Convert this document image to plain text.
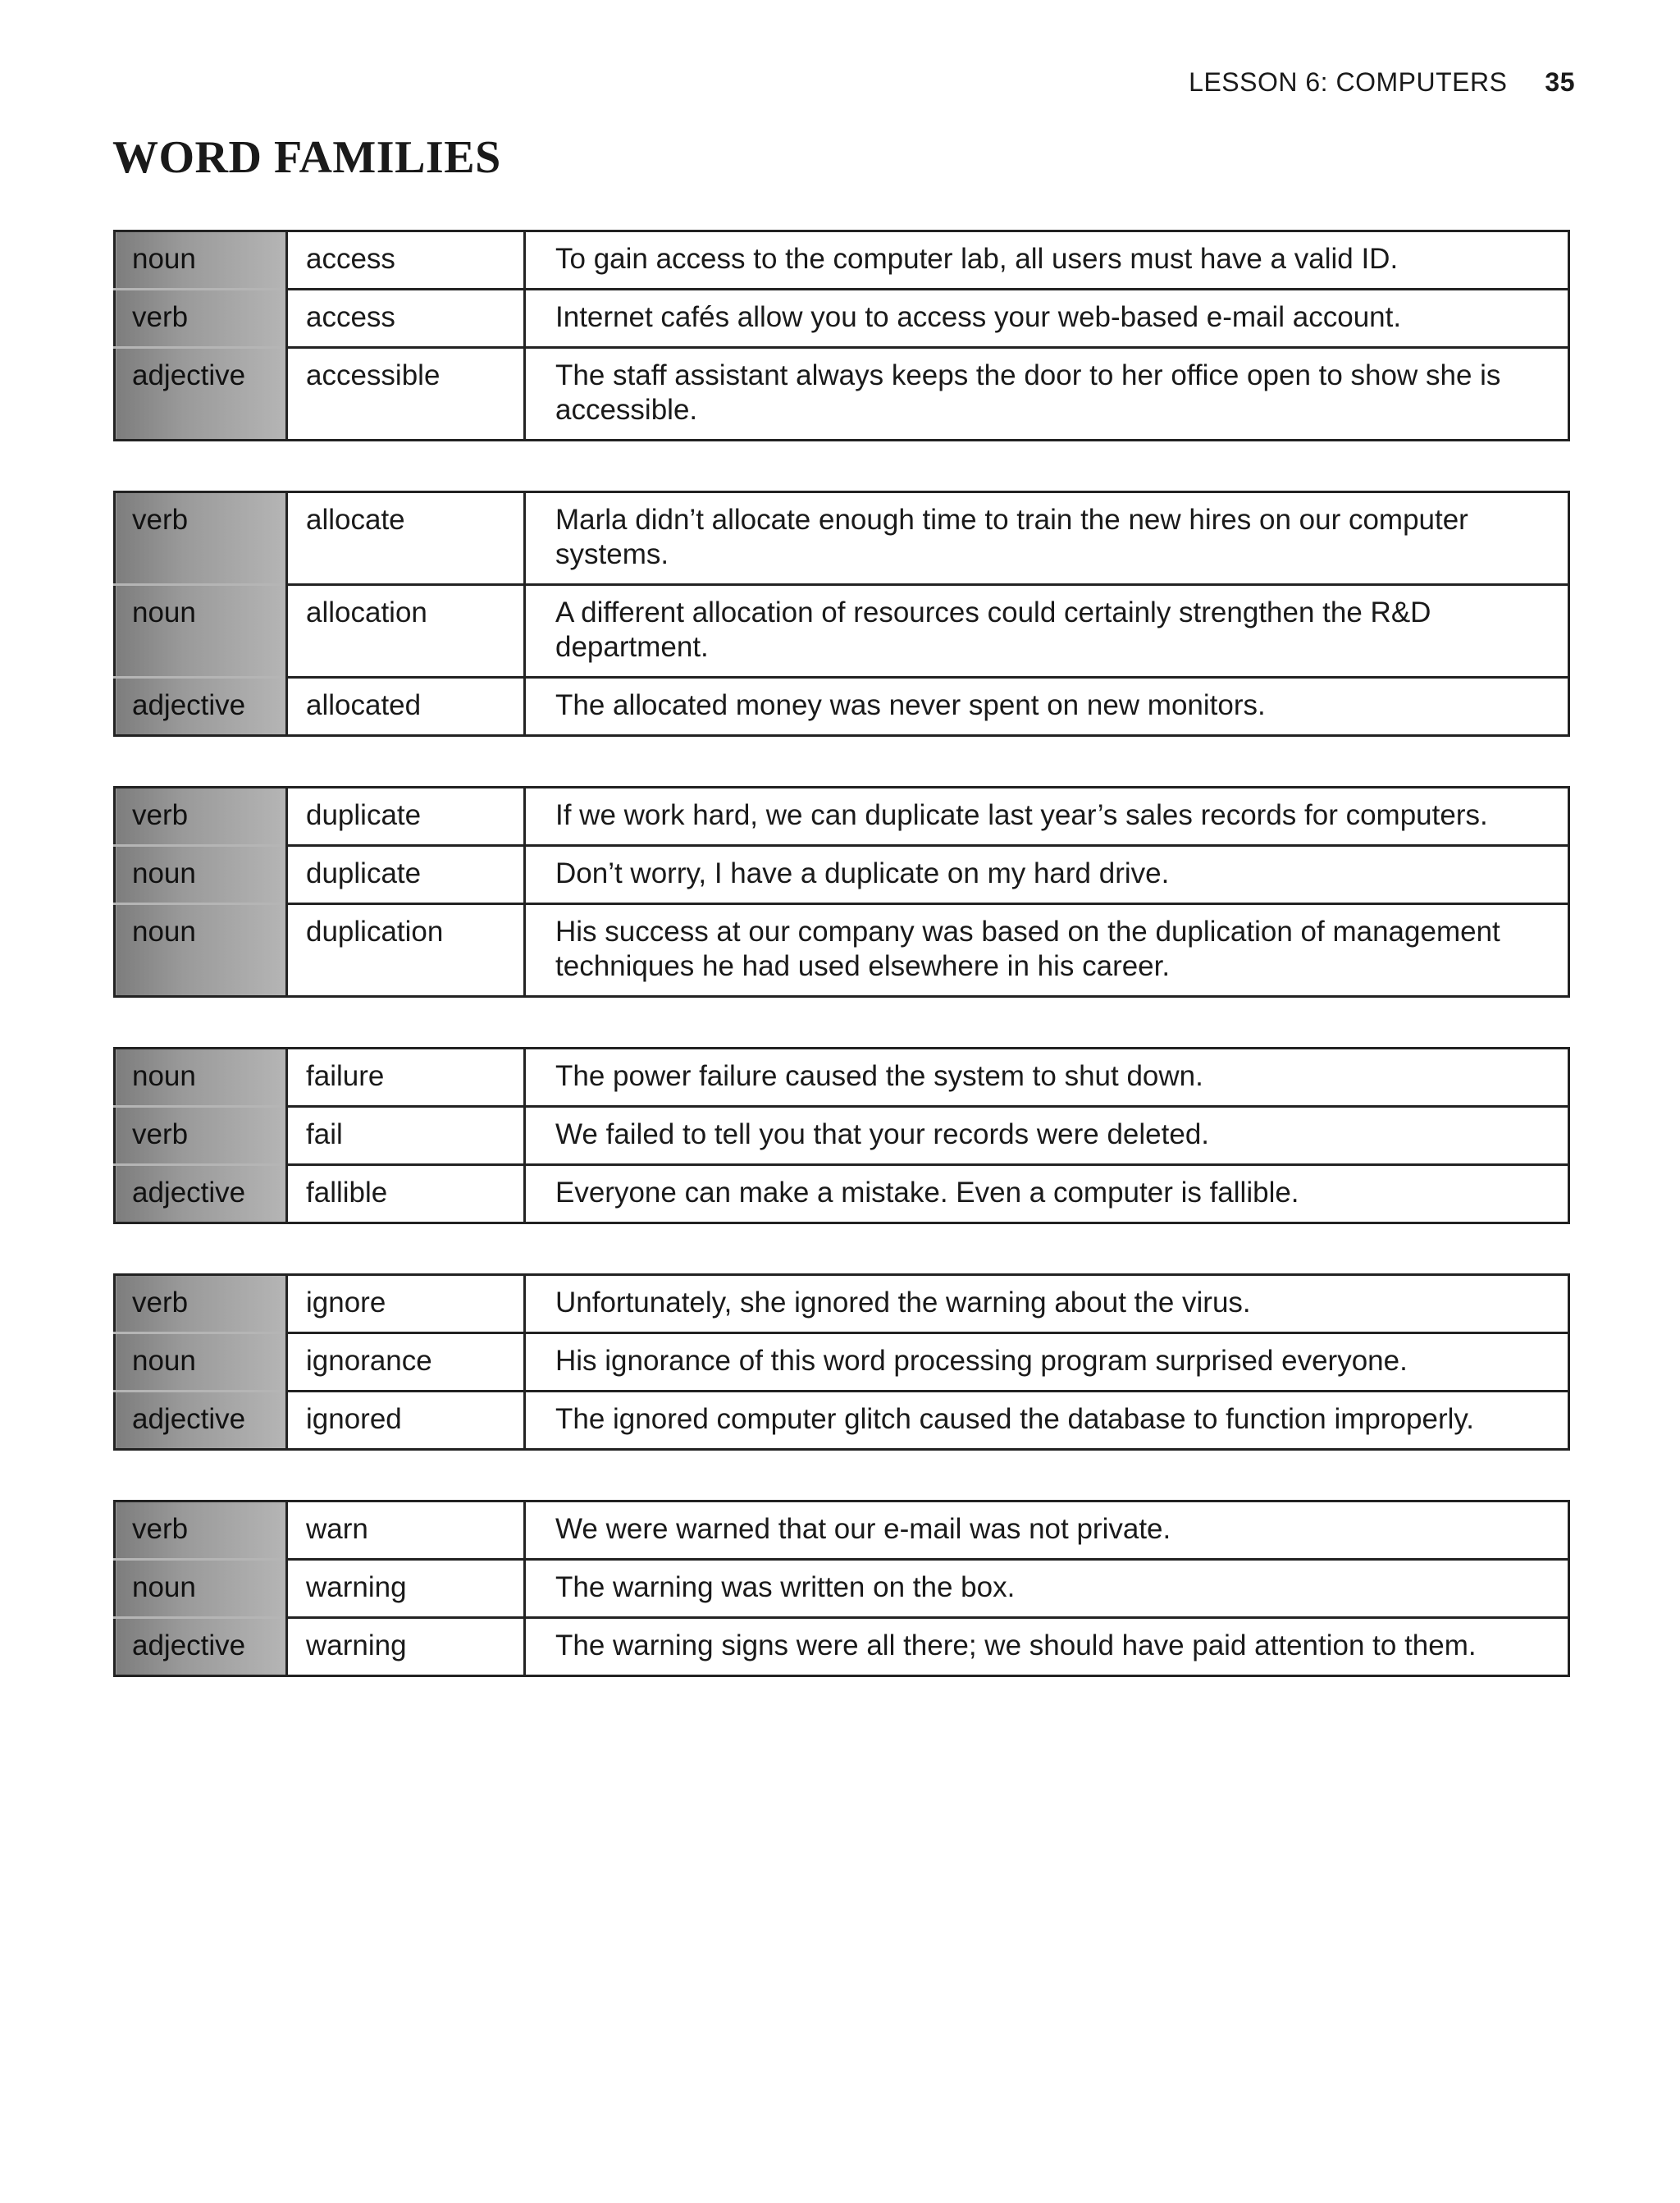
LESSON 6: COMPUTERS 35
WORD FAMILIES
noun	access	To gain access to the computer lab, all users must have a valid ID.
verb	access	Internet cafés allow you to access your web-based e-mail account.
adjective	accessible	The staff assistant always keeps the door to her office open to show she is accessible.
verb	allocate	Marla didn’t allocate enough time to train the new hires on our computer systems.
noun	allocation	A different allocation of resources could certainly strengthen the R&D department.
adjective	allocated	The allocated money was never spent on new monitors.
verb	duplicate	If we work hard, we can duplicate last year’s sales records for computers.
noun	duplicate	Don’t worry, I have a duplicate on my hard drive.
noun	duplication	His success at our company was based on the duplication of management techniques he had used elsewhere in his career.
noun	failure	The power failure caused the system to shut down.
verb	fail	We failed to tell you that your records were deleted.
adjective	fallible	Everyone can make a mistake. Even a computer is fallible.
verb	ignore	Unfortunately, she ignored the warning about the virus.
noun	ignorance	His ignorance of this word processing program surprised everyone.
adjective	ignored	The ignored computer glitch caused the database to function improperly.
verb	warn	We were warned that our e-mail was not private.
noun	warning	The warning was written on the box.
adjective	warning	The warning signs were all there; we should have paid attention to them.
